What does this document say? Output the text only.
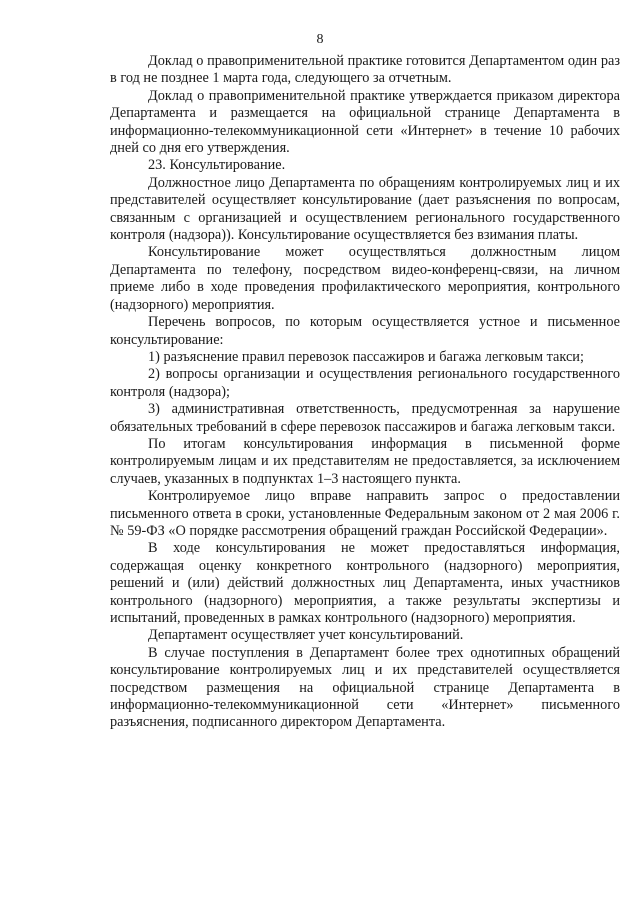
8

Доклад о правоприменительной практике готовится Департаментом один раз в год не позднее 1 марта года, следующего за отчетным.

Доклад о правоприменительной практике утверждается приказом директора Департамента и размещается на официальной странице Департамента в информационно-телекоммуникационной сети «Интернет» в течение 10 рабочих дней со дня его утверждения.

23. Консультирование.

Должностное лицо Департамента по обращениям контролируемых лиц и их представителей осуществляет консультирование (дает разъяснения по вопросам, связанным с организацией и осуществлением регионального государственного контроля (надзора)). Консультирование осуществляется без взимания платы.

Консультирование может осуществляться должностным лицом Департамента по телефону, посредством видео-конференц-связи, на личном приеме либо в ходе проведения профилактического мероприятия, контрольного (надзорного) мероприятия.

Перечень вопросов, по которым осуществляется устное и письменное консультирование:

1) разъяснение правил перевозок пассажиров и багажа легковым такси;

2) вопросы организации и осуществления регионального государственного контроля (надзора);

3) административная ответственность, предусмотренная за нарушение обязательных требований в сфере перевозок пассажиров и багажа легковым такси.

По итогам консультирования информация в письменной форме контролируемым лицам и их представителям не предоставляется, за исключением случаев, указанных в подпунктах 1–3 настоящего пункта.

Контролируемое лицо вправе направить запрос о предоставлении письменного ответа в сроки, установленные Федеральным законом от 2 мая 2006 г. № 59-ФЗ «О порядке рассмотрения обращений граждан Российской Федерации».

В ходе консультирования не может предоставляться информация, содержащая оценку конкретного контрольного (надзорного) мероприятия, решений и (или) действий должностных лиц Департамента, иных участников контрольного (надзорного) мероприятия, а также результаты экспертизы и испытаний, проведенных в рамках контрольного (надзорного) мероприятия.

Департамент осуществляет учет консультирований.

В случае поступления в Департамент более трех однотипных обращений консультирование контролируемых лиц и их представителей осуществляется посредством размещения на официальной странице Департамента в информационно-телекоммуникационной сети «Интернет» письменного разъяснения, подписанного директором Департамента.
